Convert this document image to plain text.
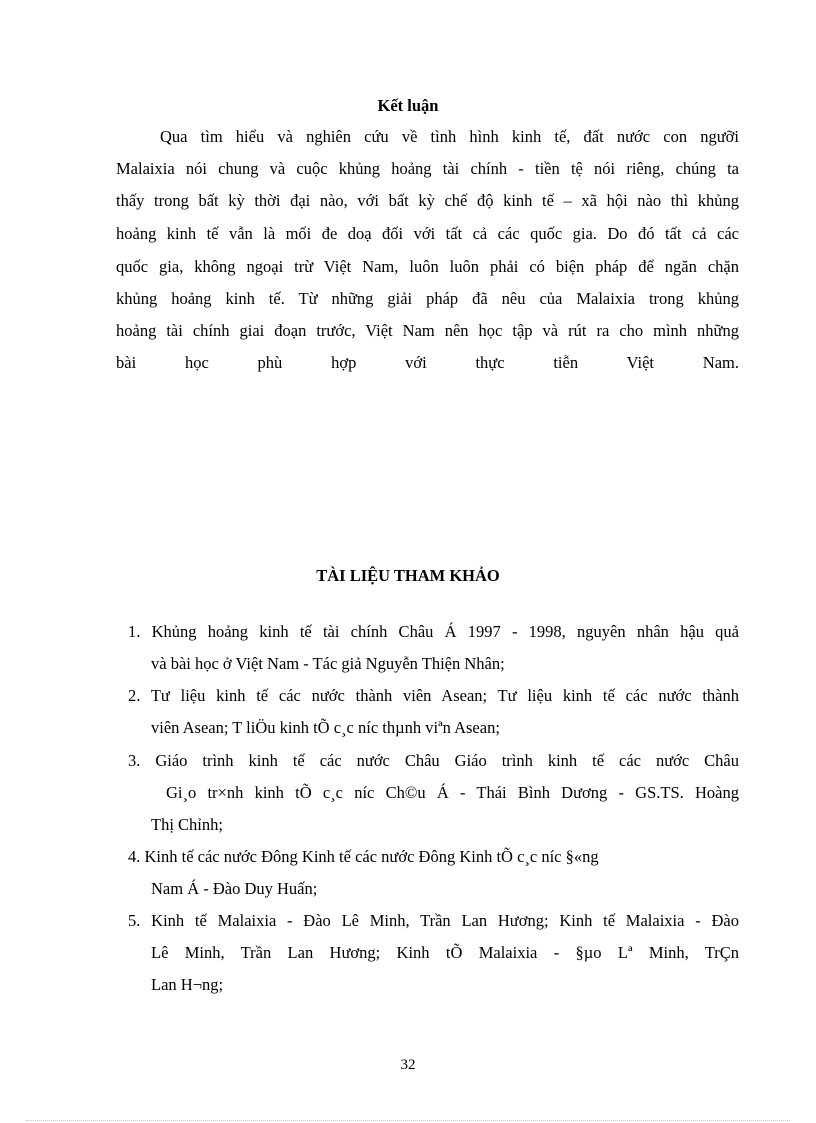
Kết luận
Qua tìm hiểu và nghiên cứu về tình hình kinh tế, đất nước con ngưỡi
Malaixia nói chung và cuộc khủng hoảng tài chính - tiền tệ nói riêng, chúng ta
thấy trong bất kỳ thời đại nào, với bất kỳ chế độ kinh tế – xã hội nào thì khủng
hoảng kinh tế vẫn là mối đe doạ đối với tất cả các quốc gia. Do đó tất cả các
quốc gia, không ngoại trừ Việt Nam, luôn luôn phải có biện pháp để ngăn chặn
khủng hoảng kinh tế. Từ những giải pháp đã nêu của Malaixia trong khủng
hoảng tài chính giai đoạn trước, Việt Nam nên học tập và rút ra cho mình những
bài học phù hợp với thực tiễn Việt Nam.
TÀI LIỆU THAM KHẢO
1. Khủng hoảng kinh tế tài chính Châu Á 1997 - 1998, nguyên nhân hậu quả
và bài học ở Việt Nam - Tác giả Nguyễn Thiện Nhân;
2. Tư liệu kinh tế các nước thành viên Asean; Tư liệu kinh tế các nước thành
viên Asean; T liÖu kinh tÕ c¸c níc thµnh viªn Asean;
3. Giáo trình kinh tế các nước Châu Giáo trình kinh tế các nước Châu
Gi¸o tr×nh kinh tÕ c¸c níc Ch©u Á - Thái Bình Dương - GS.TS. Hoàng
Thị Chỉnh;
4. Kinh tế các nước Đông Kinh tế các nước Đông Kinh tÕ c¸c níc §«ng
Nam Á - Đào Duy Huấn;
5. Kinh tế Malaixia - Đào Lê Minh, Trần Lan Hương; Kinh tế Malaixia - Đào
Lê Minh, Trần Lan Hương; Kinh tÕ Malaixia - §µo Lª Minh, TrÇn
Lan H¬ng;
32
